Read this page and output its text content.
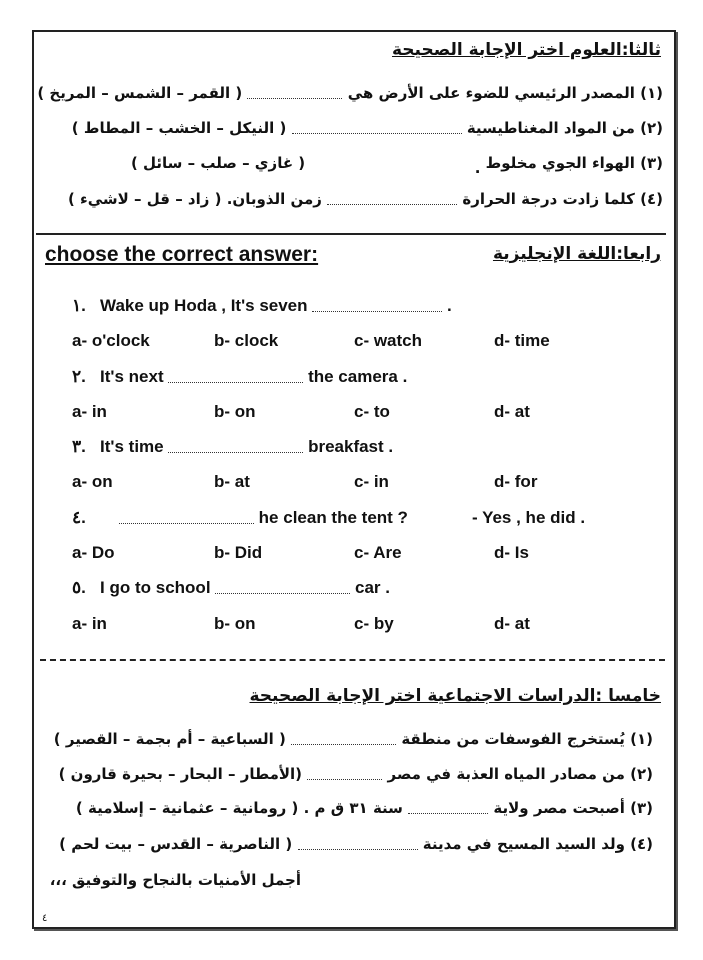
ثالثا:العلوم اختر الإجابة الصحيحة
(١) المصدر الرئيسي للضوء على الأرض هي  ( القمر – الشمس – المريخ )
(٢) من المواد المغناطيسية  ( النيكل – الخشب – المطاط )
(٣) الهواء الجوي مخلوط . ( غازي – صلب – سائل )
(٤) كلما زادت درجة الحرارة  زمن الذوبان. ( زاد – قل – لاشيء )
رابعا:اللغة الإنجليزية
choose the correct answer:
١. Wake up Hoda , It's seven	.
a- o'clock	b- clock	c- watch	d- time
٢. It's next	the camera .
a- in	b- on	c- to	d- at
٣. It's time	breakfast .
a- on	b- at	c- in	d- for
٤.	he clean the tent ?	- Yes , he did .
a- Do	b- Did	c- Are	d- Is
٥. I go to school	car .
a- in	b- on	c- by	d- at
خامسا :الدراسات الاجتماعية اختر الإجابة الصحيحة
(١) يُستخرج الفوسفات من منطقة  ( السباعية – أم بجمة – القصير )
(٢) من مصادر المياه العذبة في مصر  (الأمطار – البحار – بحيرة قارون )
(٣) أصبحت مصر ولاية  سنة ٣١ ق م . ( رومانية – عثمانية – إسلامية )
(٤) ولد السيد المسيح في مدينة  ( الناصرية – القدس – بيت لحم )
أجمل الأمنيات بالنجاح والتوفيق ،،،
٤
